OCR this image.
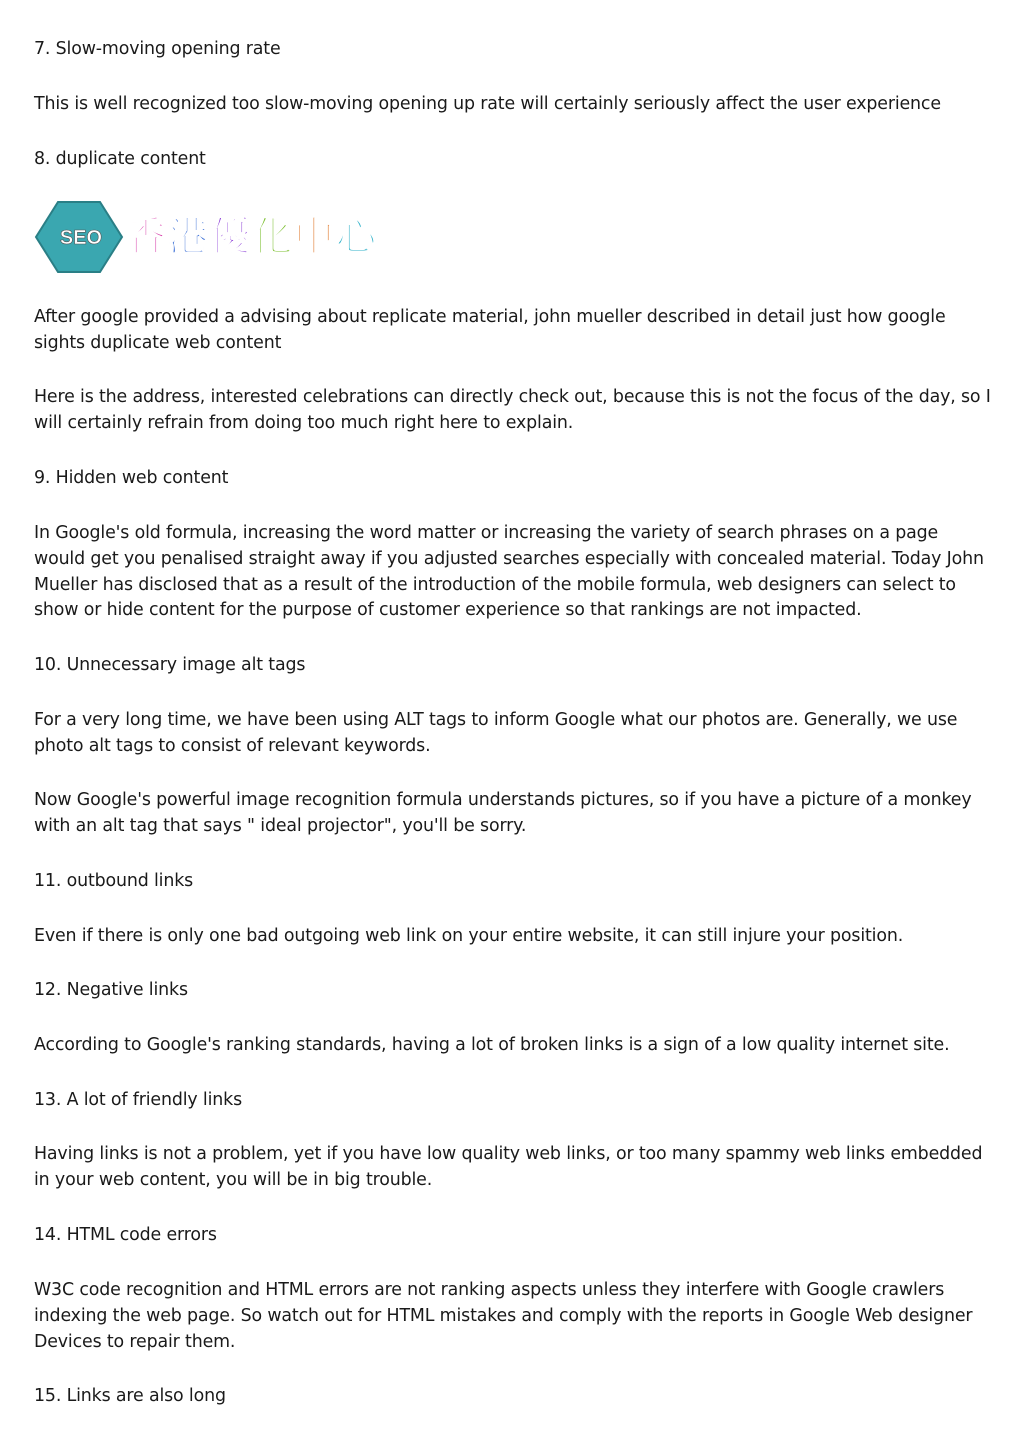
7. Slow-moving opening rate

This is well recognized too slow-moving opening up rate will certainly seriously affect the user experience

8. duplicate content

SEO 香 港 優 化 中 心

After google provided a advising about replicate material, john mueller described in detail just how google sights duplicate web content

Here is the address, interested celebrations can directly check out, because this is not the focus of the day, so I will certainly refrain from doing too much right here to explain.

9. Hidden web content

In Google's old formula, increasing the word matter or increasing the variety of search phrases on a page would get you penalised straight away if you adjusted searches especially with concealed material. Today John Mueller has disclosed that as a result of the introduction of the mobile formula, web designers can select to show or hide content for the purpose of customer experience so that rankings are not impacted.

10. Unnecessary image alt tags

For a very long time, we have been using ALT tags to inform Google what our photos are. Generally, we use photo alt tags to consist of relevant keywords.

Now Google's powerful image recognition formula understands pictures, so if you have a picture of a monkey with an alt tag that says " ideal projector", you'll be sorry.

11. outbound links

Even if there is only one bad outgoing web link on your entire website, it can still injure your position.

12. Negative links

According to Google's ranking standards, having a lot of broken links is a sign of a low quality internet site.

13. A lot of friendly links

Having links is not a problem, yet if you have low quality web links, or too many spammy web links embedded in your web content, you will be in big trouble.

14. HTML code errors

W3C code recognition and HTML errors are not ranking aspects unless they interfere with Google crawlers indexing the web page. So watch out for HTML mistakes and comply with the reports in Google Web designer Devices to repair them.

15. Links are also long
